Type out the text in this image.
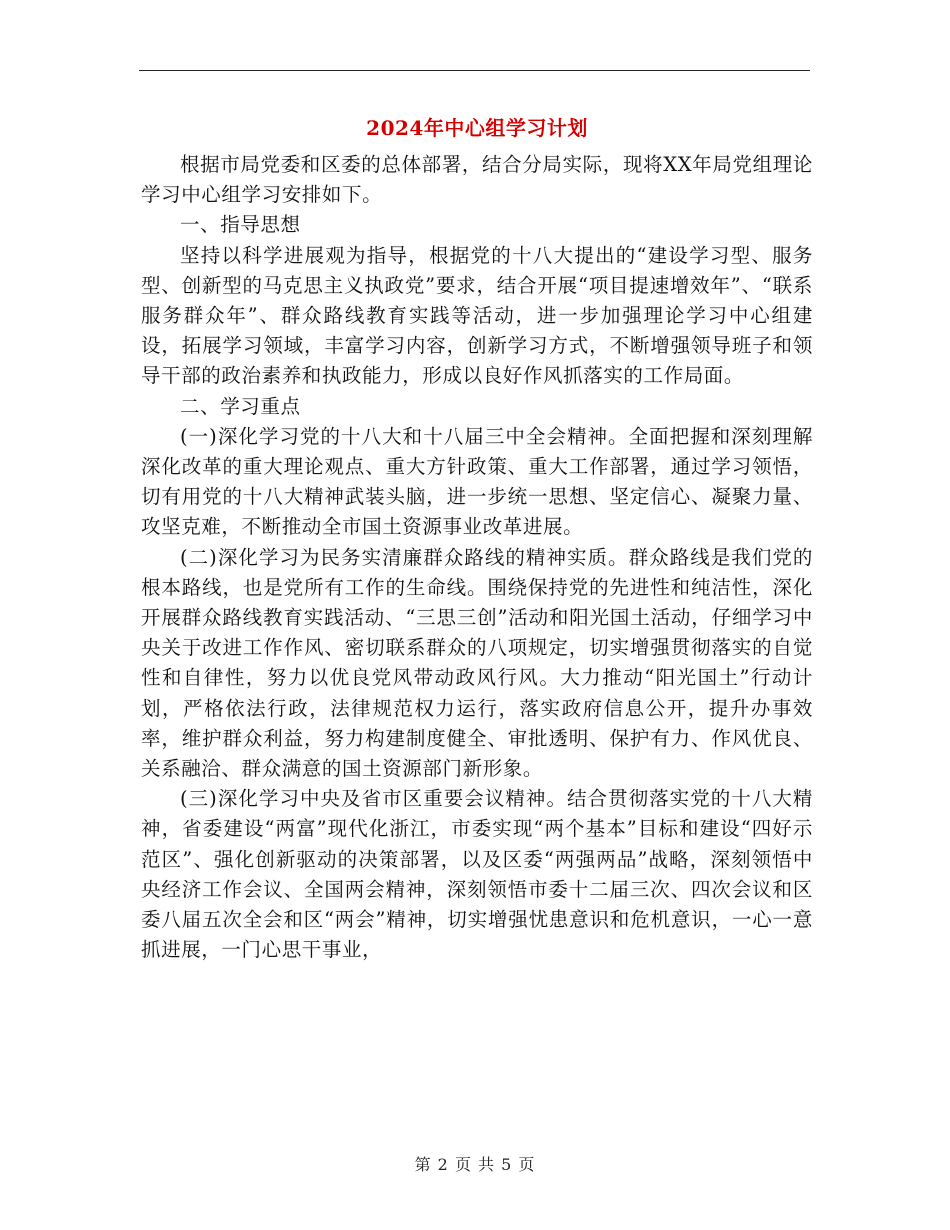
2024年中心组学习计划

根据市局党委和区委的总体部署，结合分局实际，现将XX年局党组理论学习中心组学习安排如下。

一、指导思想

坚持以科学进展观为指导，根据党的十八大提出的“建设学习型、服务型、创新型的马克思主义执政党”要求，结合开展“项目提速增效年”、“联系服务群众年”、群众路线教育实践等活动，进一步加强理论学习中心组建设，拓展学习领域，丰富学习内容，创新学习方式，不断增强领导班子和领导干部的政治素养和执政能力，形成以良好作风抓落实的工作局面。

二、学习重点

(一)深化学习党的十八大和十八届三中全会精神。全面把握和深刻理解深化改革的重大理论观点、重大方针政策、重大工作部署，通过学习领悟，切有用党的十八大精神武装头脑，进一步统一思想、坚定信心、凝聚力量、攻坚克难，不断推动全市国土资源事业改革进展。

(二)深化学习为民务实清廉群众路线的精神实质。群众路线是我们党的根本路线，也是党所有工作的生命线。围绕保持党的先进性和纯洁性，深化开展群众路线教育实践活动、“三思三创”活动和阳光国土活动，仔细学习中央关于改进工作作风、密切联系群众的八项规定，切实增强贯彻落实的自觉性和自律性，努力以优良党风带动政风行风。大力推动“阳光国土”行动计划，严格依法行政，法律规范权力运行，落实政府信息公开，提升办事效率，维护群众利益，努力构建制度健全、审批透明、保护有力、作风优良、关系融洽、群众满意的国土资源部门新形象。

(三)深化学习中央及省市区重要会议精神。结合贯彻落实党的十八大精神，省委建设“两富”现代化浙江，市委实现“两个基本”目标和建设“四好示范区”、强化创新驱动的决策部署，以及区委“两强两品”战略，深刻领悟中央经济工作会议、全国两会精神，深刻领悟市委十二届三次、四次会议和区委八届五次全会和区“两会”精神，切实增强忧患意识和危机意识，一心一意抓进展，一门心思干事业，

第 2 页 共 5 页
